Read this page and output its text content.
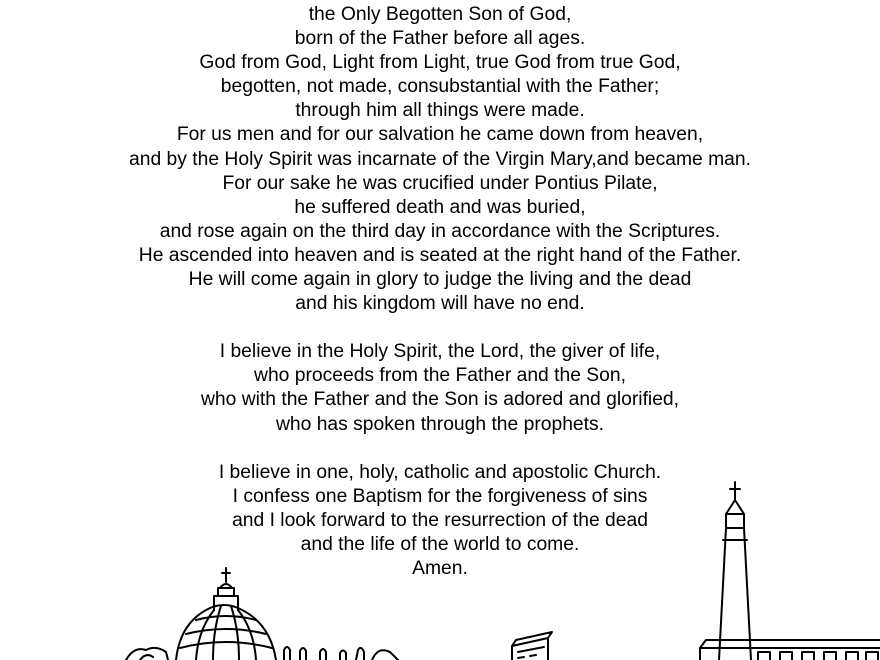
the Only Begotten Son of God,
born of the Father before all ages.
God from God, Light from Light, true God from true God,
begotten, not made, consubstantial with the Father;
through him all things were made.
For us men and for our salvation he came down from heaven,
and by the Holy Spirit was incarnate of the Virgin Mary,and became man.
For our sake he was crucified under Pontius Pilate,
he suffered death and was buried,
and rose again on the third day in accordance with the Scriptures.
He ascended into heaven and is seated at the right hand of the Father.
He will come again in glory to judge the living and the dead
and his kingdom will have no end.
I believe in the Holy Spirit, the Lord, the giver of life,
who proceeds from the Father and the Son,
who with the Father and the Son is adored and glorified,
who has spoken through the prophets.
I believe in one, holy, catholic and apostolic Church.
I confess one Baptism for the forgiveness of sins
and I look forward to the resurrection of the dead
and the life of the world to come.
Amen.
